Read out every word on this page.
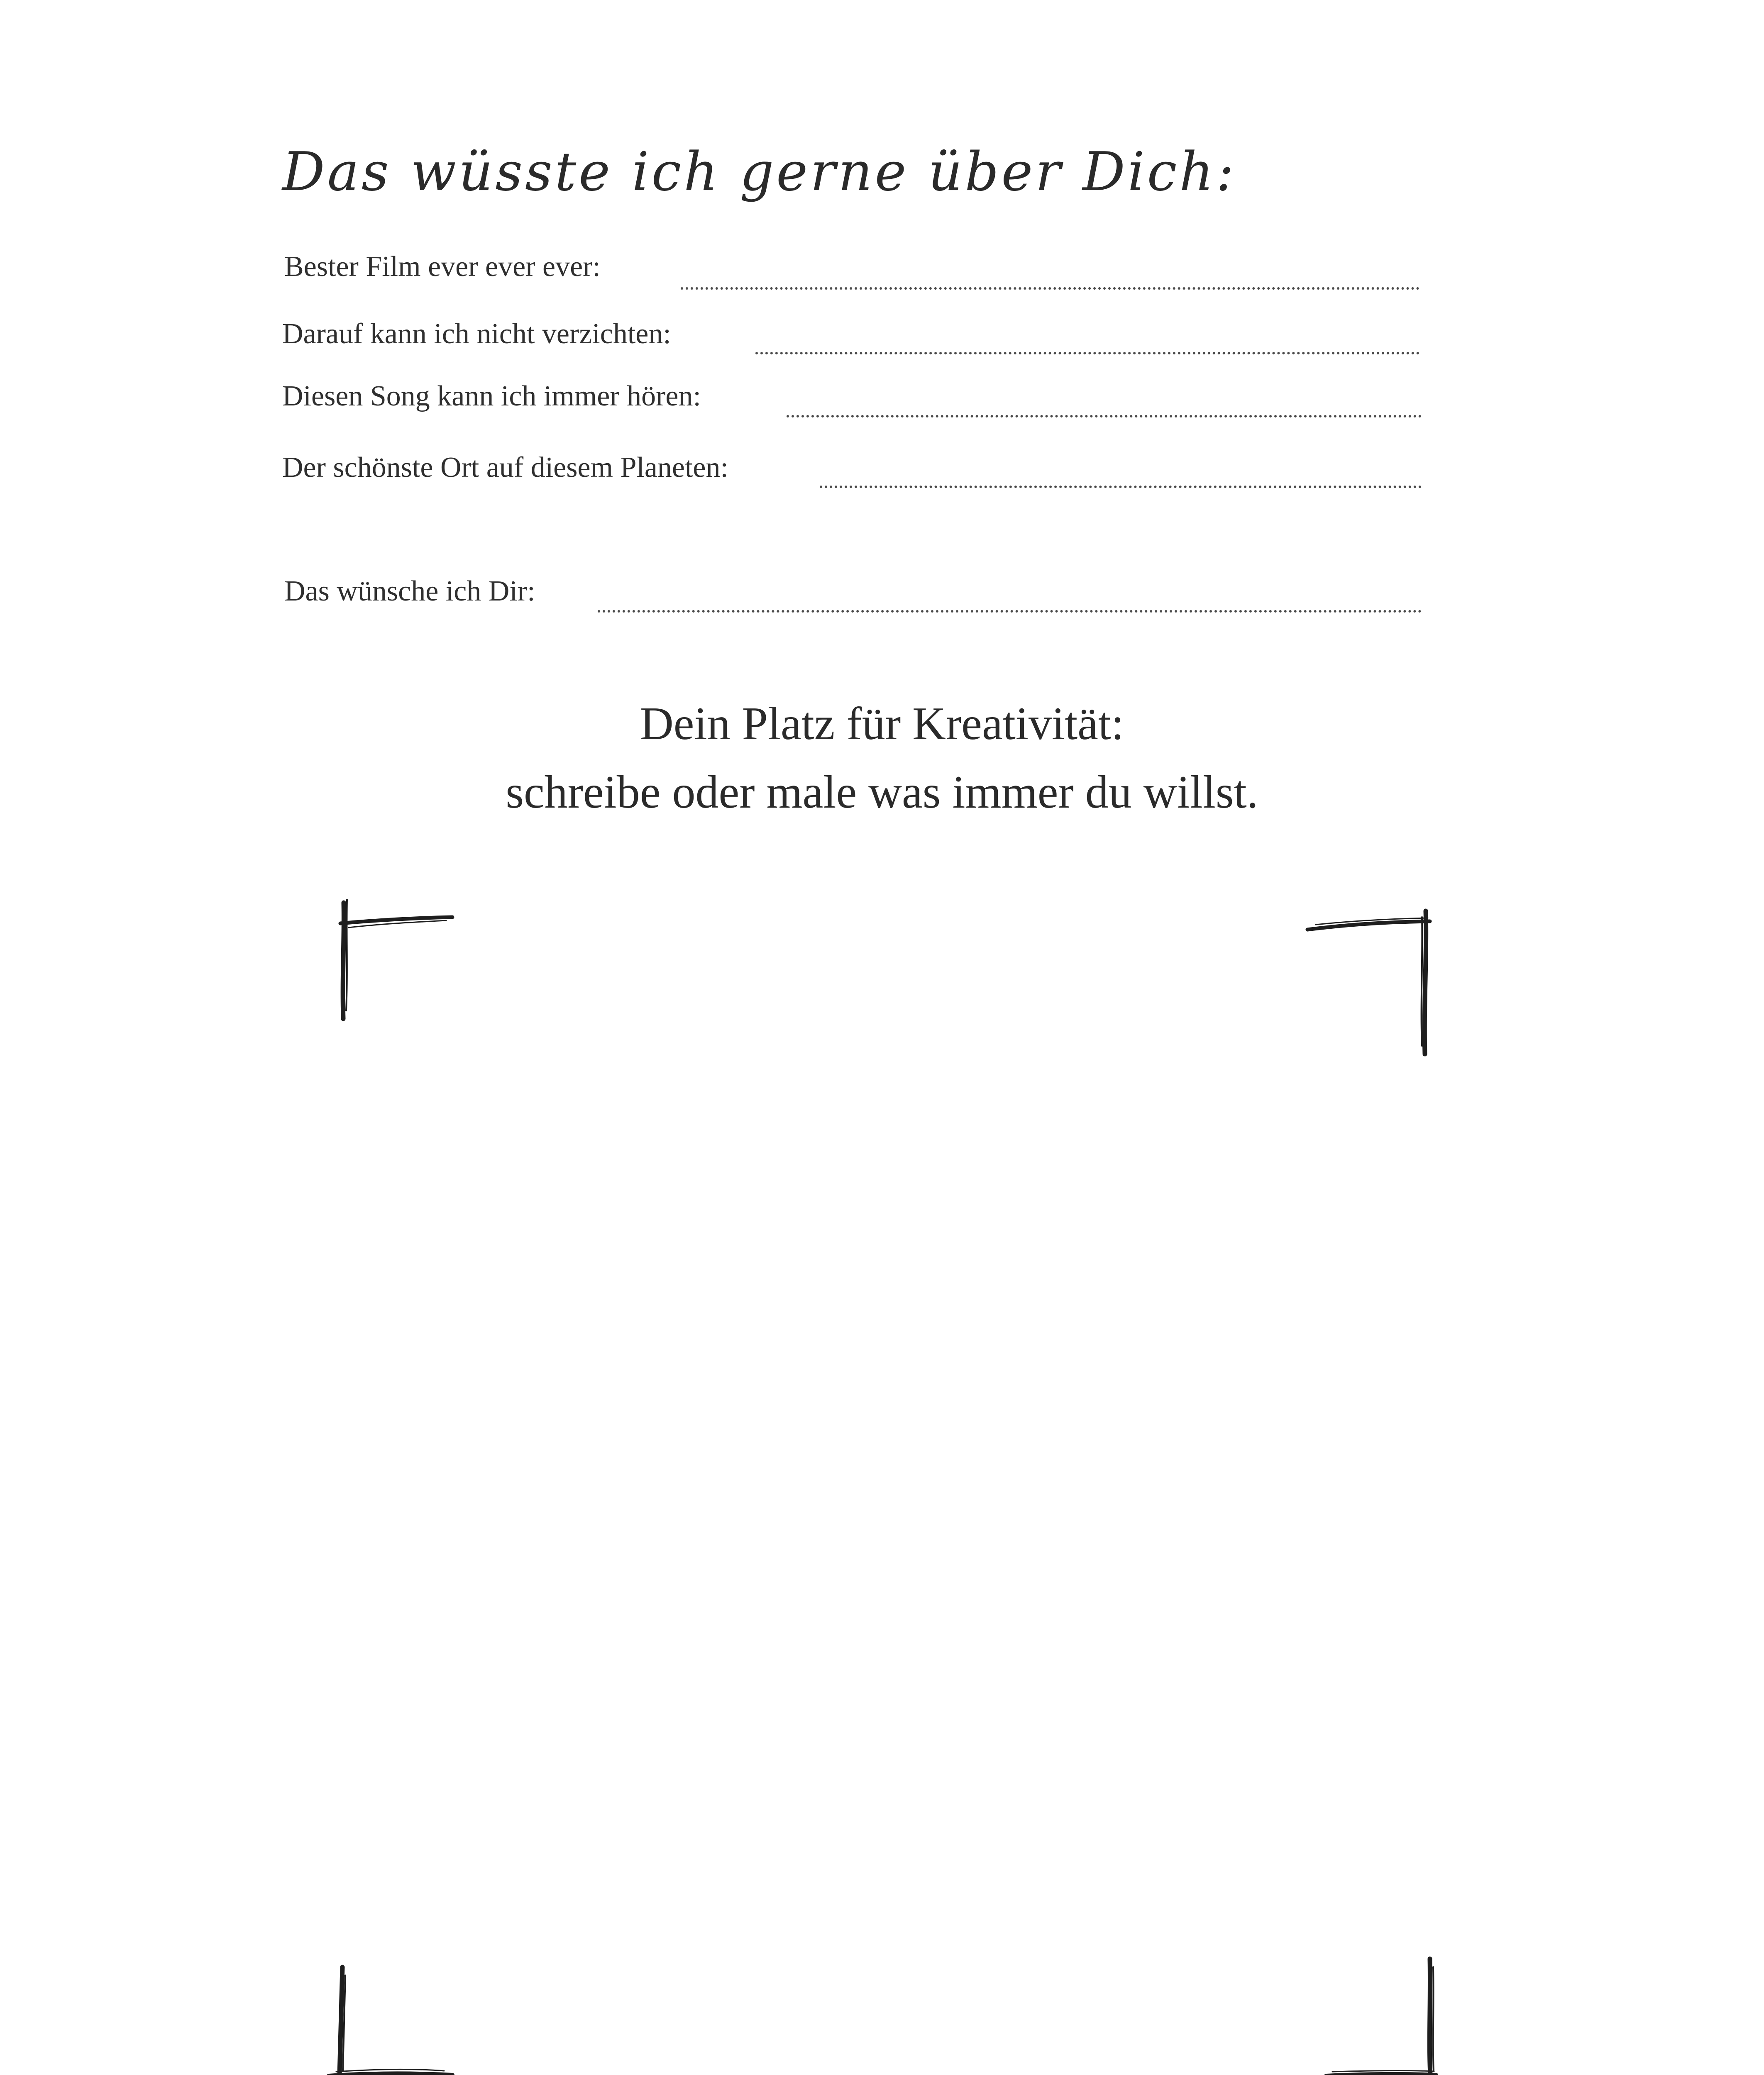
Das wüsste ich gerne über Dich:
Bester Film ever ever ever:
Darauf kann ich nicht verzichten:
Diesen Song kann ich immer hören:
Der schönste Ort auf diesem Planeten:
Das wünsche ich Dir:
Dein Platz für Kreativität:
schreibe oder male was immer du willst.
